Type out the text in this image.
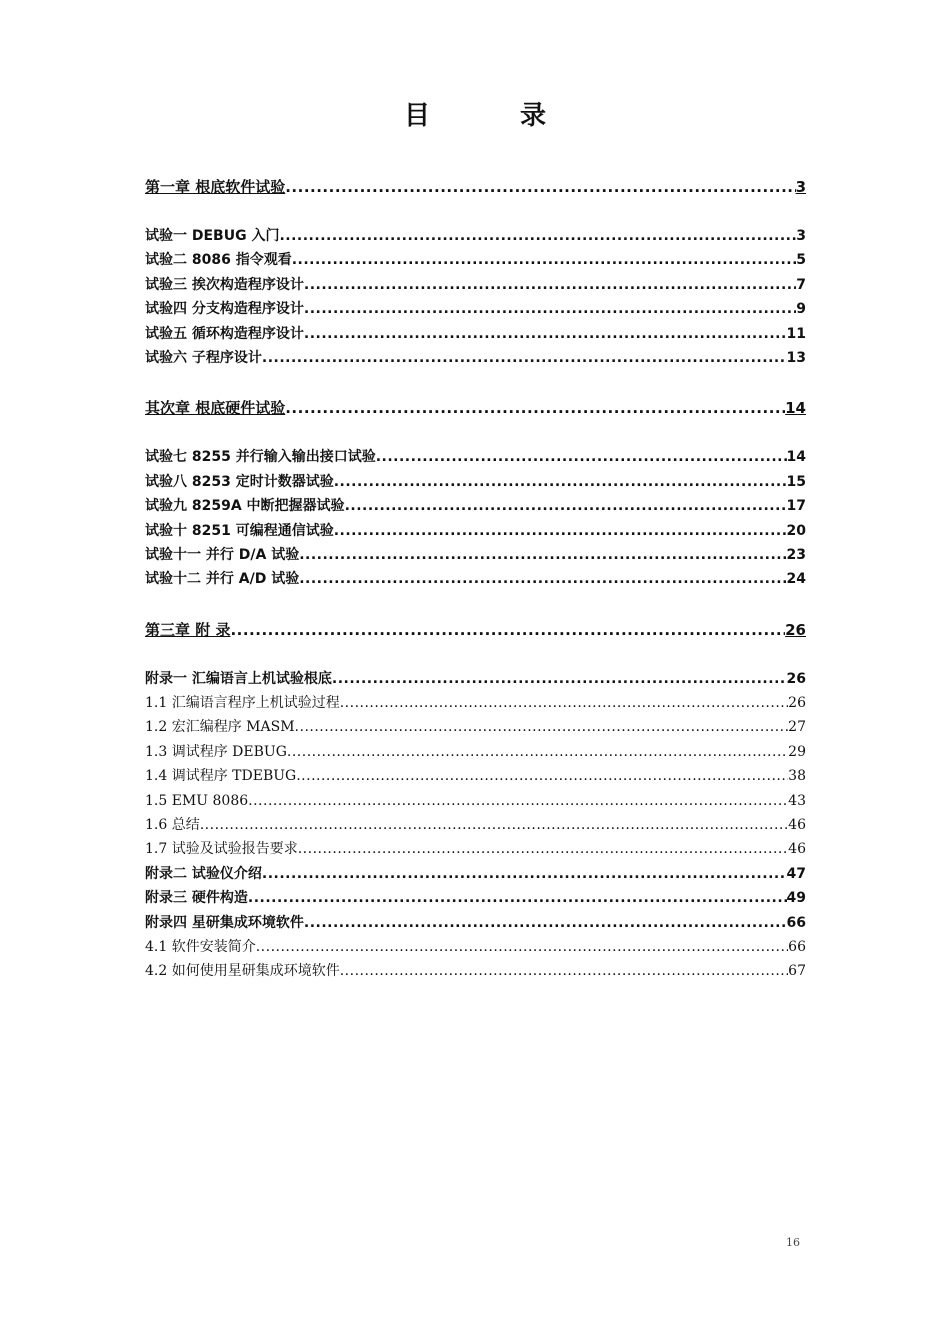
目　录
第一章 根底软件试验 .....	3
试验一 DEBUG 入门 .....	3
试验二 8086 指令观看 .....	5
试验三 挨次构造程序设计 .....	7
试验四 分支构造程序设计 .....	9
试验五 循环构造程序设计 .....	11
试验六 子程序设计 .....	13
其次章 根底硬件试验 .....	14
试验七 8255 并行输入输出接口试验 .....	14
试验八 8253 定时计数器试验 .....	15
试验九 8259A 中断把握器试验 .....	17
试验十 8251 可编程通信试验 .....	20
试验十一 并行 D/A 试验 .....	23
试验十二 并行 A/D 试验 .....	24
第三章 附 录 .....	26
附录一 汇编语言上机试验根底 .....	26
1.1 汇编语言程序上机试验过程 .....	26
1.2 宏汇编程序 MASM .....	27
1.3 调试程序 DEBUG .....	29
1.4 调试程序 TDEBUG .....	38
1.5 EMU 8086 .....	43
1.6 总结 .....	46
1.7 试验及试验报告要求 .....	46
附录二 试验仪介绍 .....	47
附录三 硬件构造 .....	49
附录四 星研集成环境软件 .....	66
4.1 软件安装简介 .....	66
4.2 如何使用星研集成环境软件 .....	67
16
